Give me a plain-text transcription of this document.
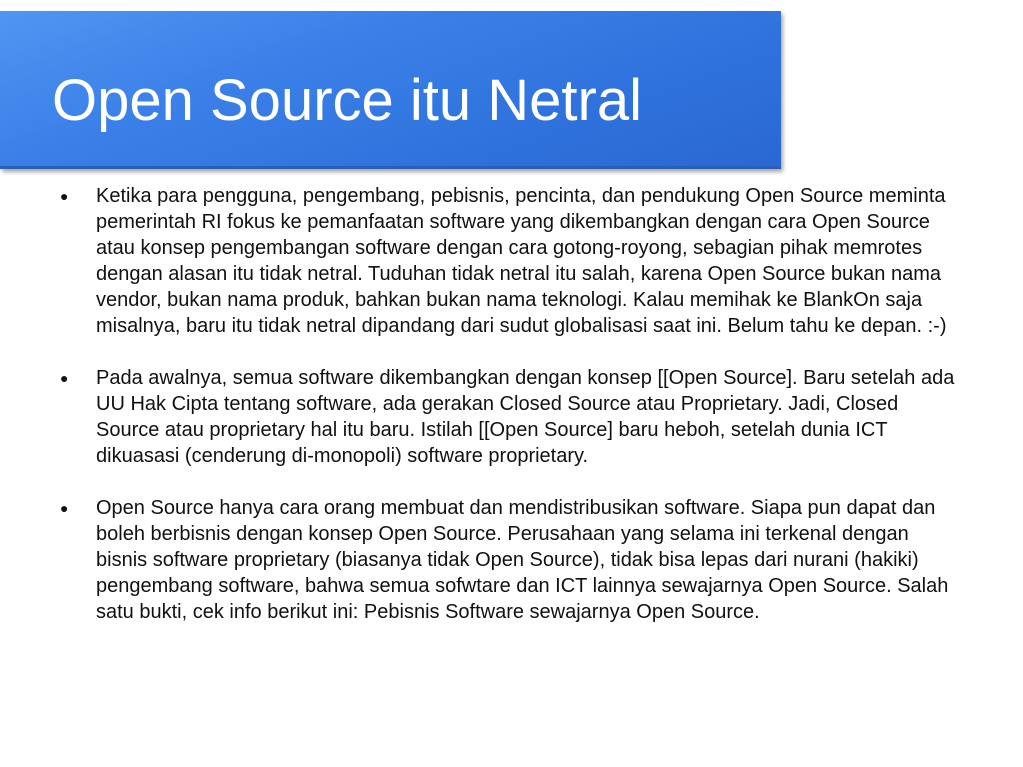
Open Source itu Netral
● Ketika para pengguna, pengembang, pebisnis, pencinta, dan pendukung Open Source meminta pemerintah RI fokus ke pemanfaatan software yang dikembangkan dengan cara Open Source atau konsep pengembangan software dengan cara gotong-royong, sebagian pihak memrotes dengan alasan itu tidak netral. Tuduhan tidak netral itu salah, karena Open Source bukan nama vendor, bukan nama produk, bahkan bukan nama teknologi. Kalau memihak ke BlankOn saja misalnya, baru itu tidak netral dipandang dari sudut globalisasi saat ini. Belum tahu ke depan. :-)
● Pada awalnya, semua software dikembangkan dengan konsep [[Open Source]. Baru setelah ada UU Hak Cipta tentang software, ada gerakan Closed Source atau Proprietary. Jadi, Closed Source atau proprietary hal itu baru. Istilah [[Open Source] baru heboh, setelah dunia ICT dikuasasi (cenderung di-monopoli) software proprietary.
● Open Source hanya cara orang membuat dan mendistribusikan software. Siapa pun dapat dan boleh berbisnis dengan konsep Open Source. Perusahaan yang selama ini terkenal dengan bisnis software proprietary (biasanya tidak Open Source), tidak bisa lepas dari nurani (hakiki) pengembang software, bahwa semua sofwtare dan ICT lainnya sewajarnya Open Source. Salah satu bukti, cek info berikut ini: Pebisnis Software sewajarnya Open Source.
